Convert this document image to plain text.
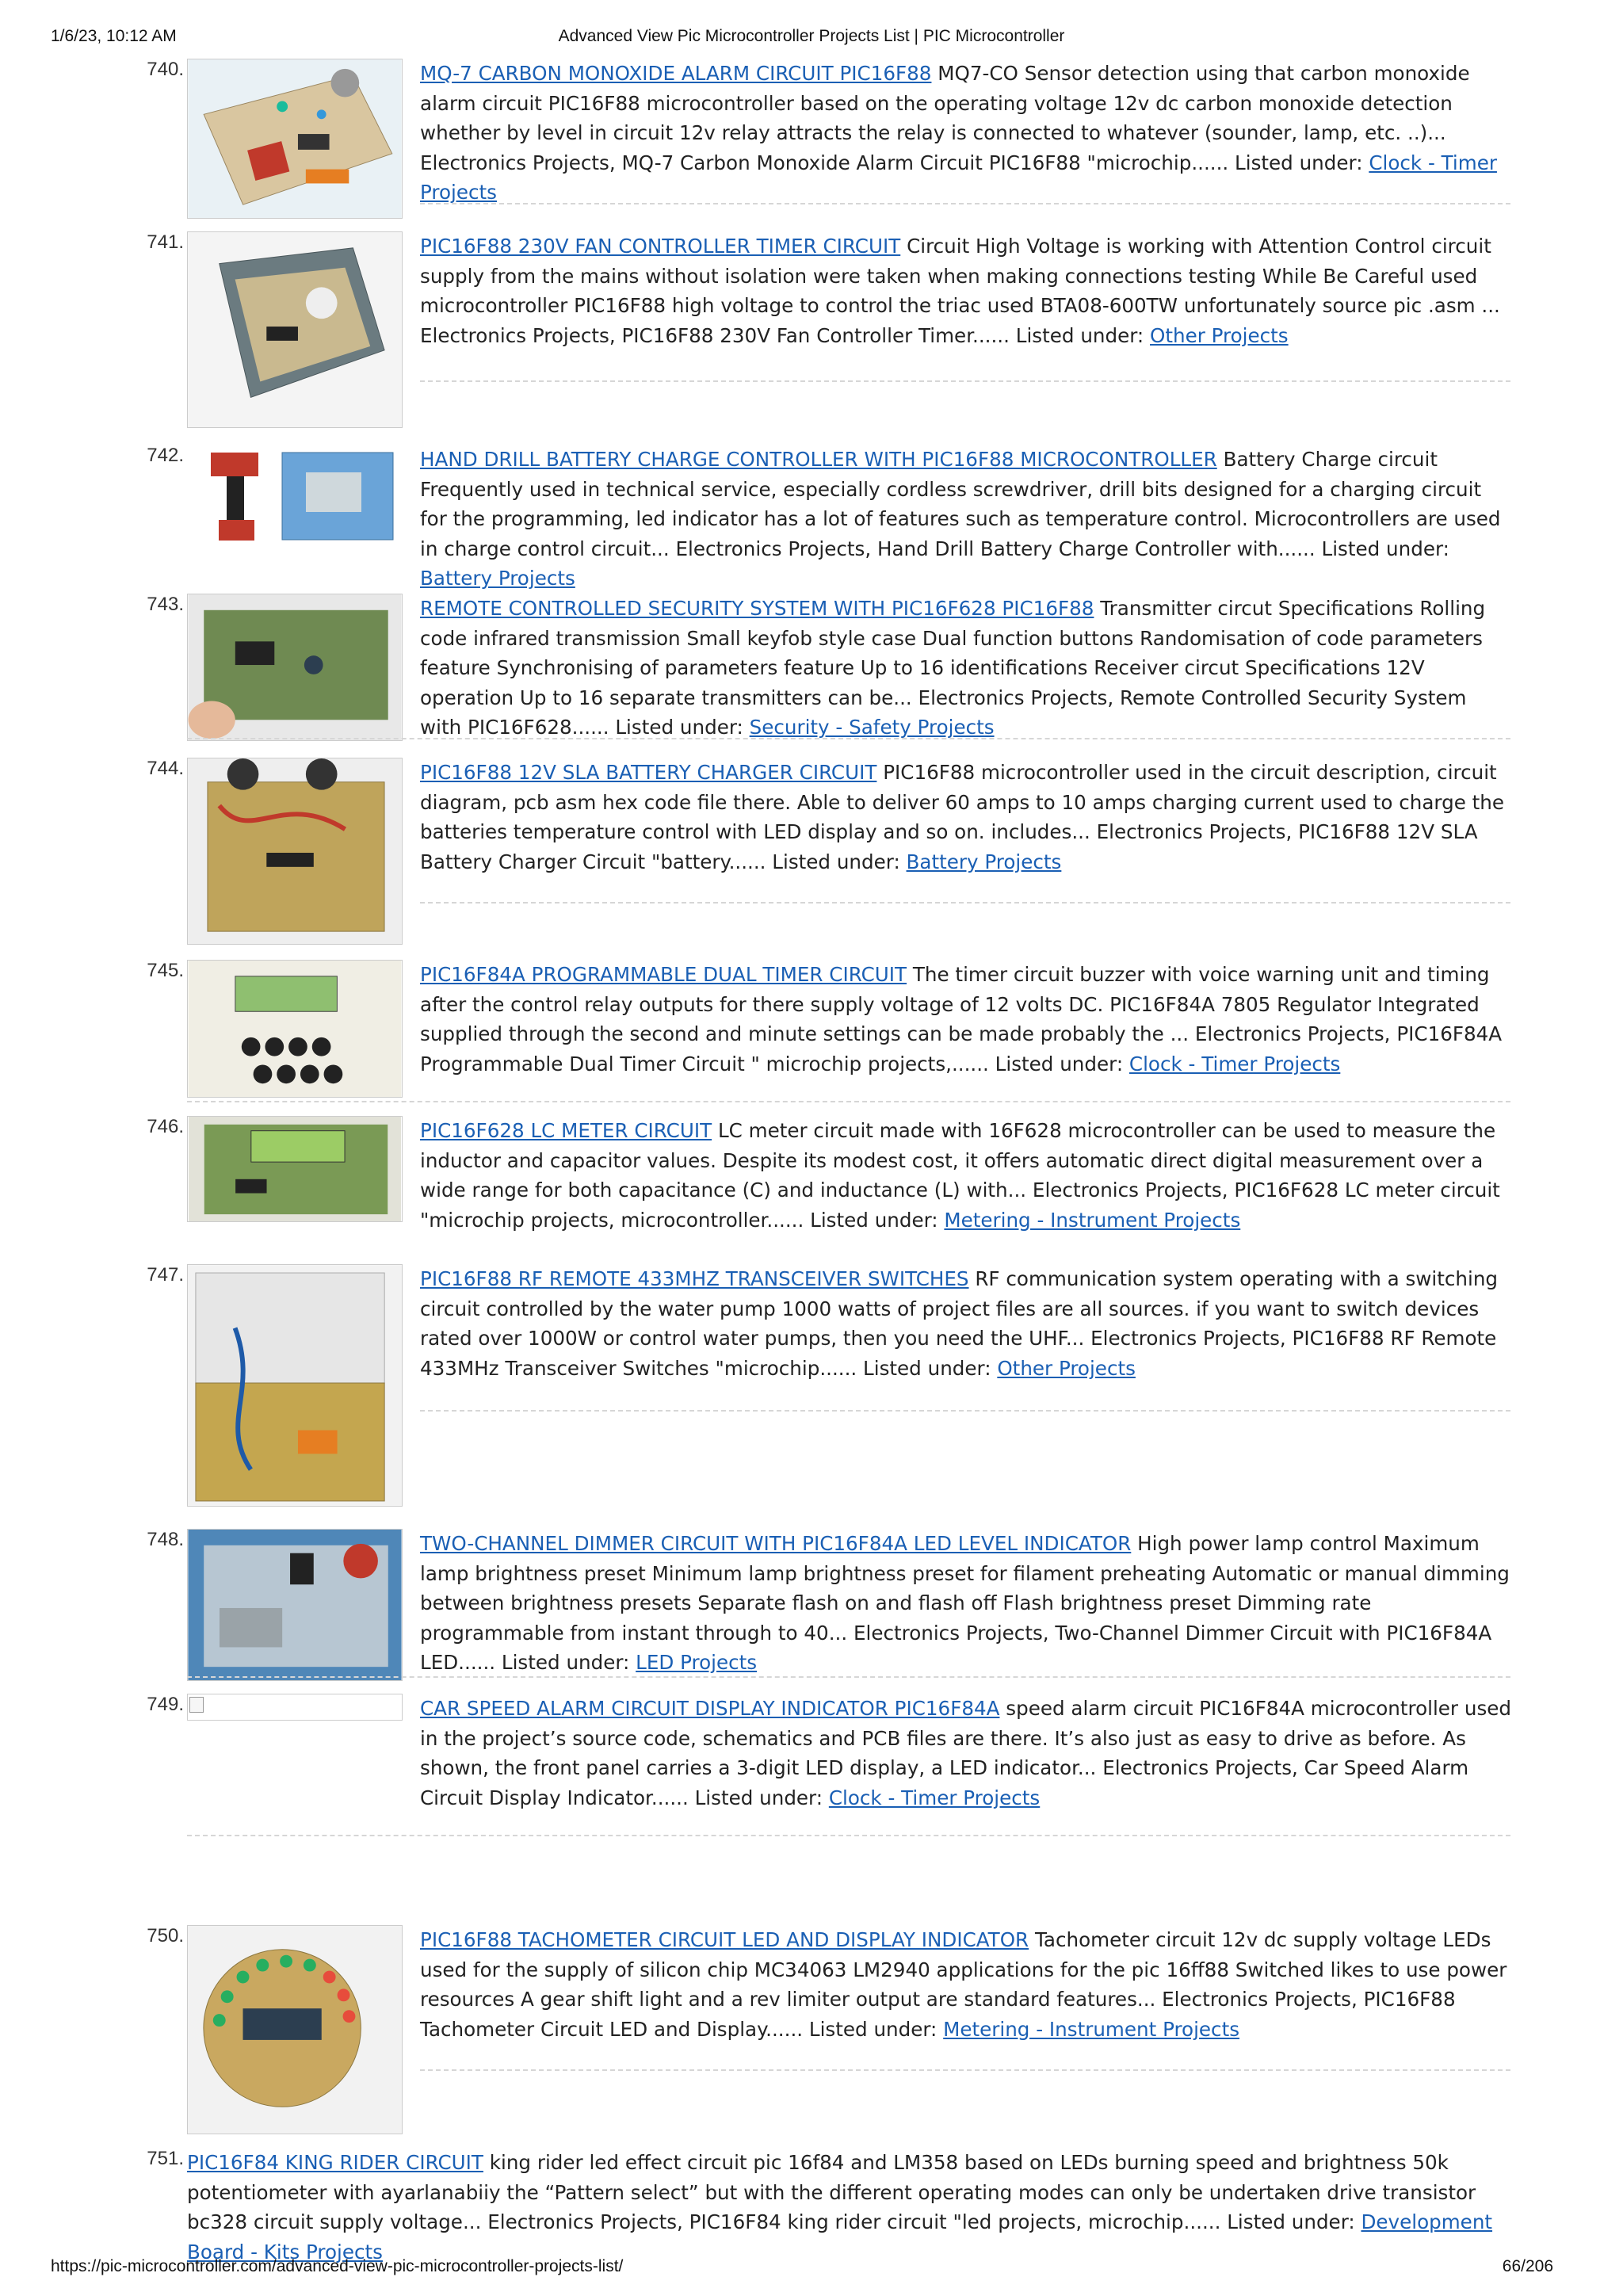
1/6/23, 10:12 AM	Advanced View Pic Microcontroller Projects List | PIC Microcontroller
740.	MQ-7 CARBON MONOXIDE ALARM CIRCUIT PIC16F88 MQ7-CO Sensor detection using that carbon monoxide alarm circuit PIC16F88 microcontroller based on the operating voltage 12v dc carbon monoxide detection whether by level in circuit 12v relay attracts the relay is connected to whatever (sounder, lamp, etc. ..)... Electronics Projects, MQ-7 Carbon Monoxide Alarm Circuit PIC16F88 "microchip...... Listed under: Clock - Timer Projects
741.	PIC16F88 230V FAN CONTROLLER TIMER CIRCUIT Circuit High Voltage is working with Attention Control circuit supply from the mains without isolation were taken when making connections testing While Be Careful used microcontroller PIC16F88 high voltage to control the triac used BTA08-600TW unfortunately source pic .asm ... Electronics Projects, PIC16F88 230V Fan Controller Timer...... Listed under: Other Projects
742.	HAND DRILL BATTERY CHARGE CONTROLLER WITH PIC16F88 MICROCONTROLLER Battery Charge circuit Frequently used in technical service, especially cordless screwdriver, drill bits designed for a charging circuit for the programming, led indicator has a lot of features such as temperature control. Microcontrollers are used in charge control circuit... Electronics Projects, Hand Drill Battery Charge Controller with...... Listed under: Battery Projects
743.	REMOTE CONTROLLED SECURITY SYSTEM WITH PIC16F628 PIC16F88 Transmitter circut Specifications Rolling code infrared transmission Small keyfob style case Dual function buttons Randomisation of code parameters feature Synchronising of parameters feature Up to 16 identifications Receiver circut Specifications 12V operation Up to 16 separate transmitters can be... Electronics Projects, Remote Controlled Security System with PIC16F628...... Listed under: Security - Safety Projects
744.	PIC16F88 12V SLA BATTERY CHARGER CIRCUIT PIC16F88 microcontroller used in the circuit description, circuit diagram, pcb asm hex code file there. Able to deliver 60 amps to 10 amps charging current used to charge the batteries temperature control with LED display and so on. includes... Electronics Projects, PIC16F88 12V SLA Battery Charger Circuit "battery...... Listed under: Battery Projects
745.	PIC16F84A PROGRAMMABLE DUAL TIMER CIRCUIT The timer circuit buzzer with voice warning unit and timing after the control relay outputs for there supply voltage of 12 volts DC. PIC16F84A 7805 Regulator Integrated supplied through the second and minute settings can be made probably the ... Electronics Projects, PIC16F84A Programmable Dual Timer Circuit " microchip projects,...... Listed under: Clock - Timer Projects
746.	PIC16F628 LC METER CIRCUIT LC meter circuit made with 16F628 microcontroller can be used to measure the inductor and capacitor values. Despite its modest cost, it offers automatic direct digital measurement over a wide range for both capacitance (C) and inductance (L) with... Electronics Projects, PIC16F628 LC meter circuit "microchip projects, microcontroller...... Listed under: Metering - Instrument Projects
747.	PIC16F88 RF REMOTE 433MHZ TRANSCEIVER SWITCHES RF communication system operating with a switching circuit controlled by the water pump 1000 watts of project files are all sources. if you want to switch devices rated over 1000W or control water pumps, then you need the UHF... Electronics Projects, PIC16F88 RF Remote 433MHz Transceiver Switches "microchip...... Listed under: Other Projects
748.	TWO-CHANNEL DIMMER CIRCUIT WITH PIC16F84A LED LEVEL INDICATOR High power lamp control Maximum lamp brightness preset Minimum lamp brightness preset for filament preheating Automatic or manual dimming between brightness presets Separate flash on and flash off Flash brightness preset Dimming rate programmable from instant through to 40... Electronics Projects, Two-Channel Dimmer Circuit with PIC16F84A LED...... Listed under: LED Projects
749.	CAR SPEED ALARM CIRCUIT DISPLAY INDICATOR PIC16F84A speed alarm circuit PIC16F84A microcontroller used in the project’s source code, schematics and PCB files are there. It’s also just as easy to drive as before. As shown, the front panel carries a 3-digit LED display, a LED indicator... Electronics Projects, Car Speed Alarm Circuit Display Indicator...... Listed under: Clock - Timer Projects
750.	PIC16F88 TACHOMETER CIRCUIT LED AND DISPLAY INDICATOR Tachometer circuit 12v dc supply voltage LEDs used for the supply of silicon chip MC34063 LM2940 applications for the pic 16ff88 Switched likes to use power resources A gear shift light and a rev limiter output are standard features... Electronics Projects, PIC16F88 Tachometer Circuit LED and Display...... Listed under: Metering - Instrument Projects
751. PIC16F84 KING RIDER CIRCUIT king rider led effect circuit pic 16f84 and LM358 based on LEDs burning speed and brightness 50k potentiometer with ayarlanabiiy the “Pattern select” but with the different operating modes can only be undertaken drive transistor bc328 circuit supply voltage... Electronics Projects, PIC16F84 king rider circuit "led projects, microchip...... Listed under: Development Board - Kits Projects
https://pic-microcontroller.com/advanced-view-pic-microcontroller-projects-list/	66/206
